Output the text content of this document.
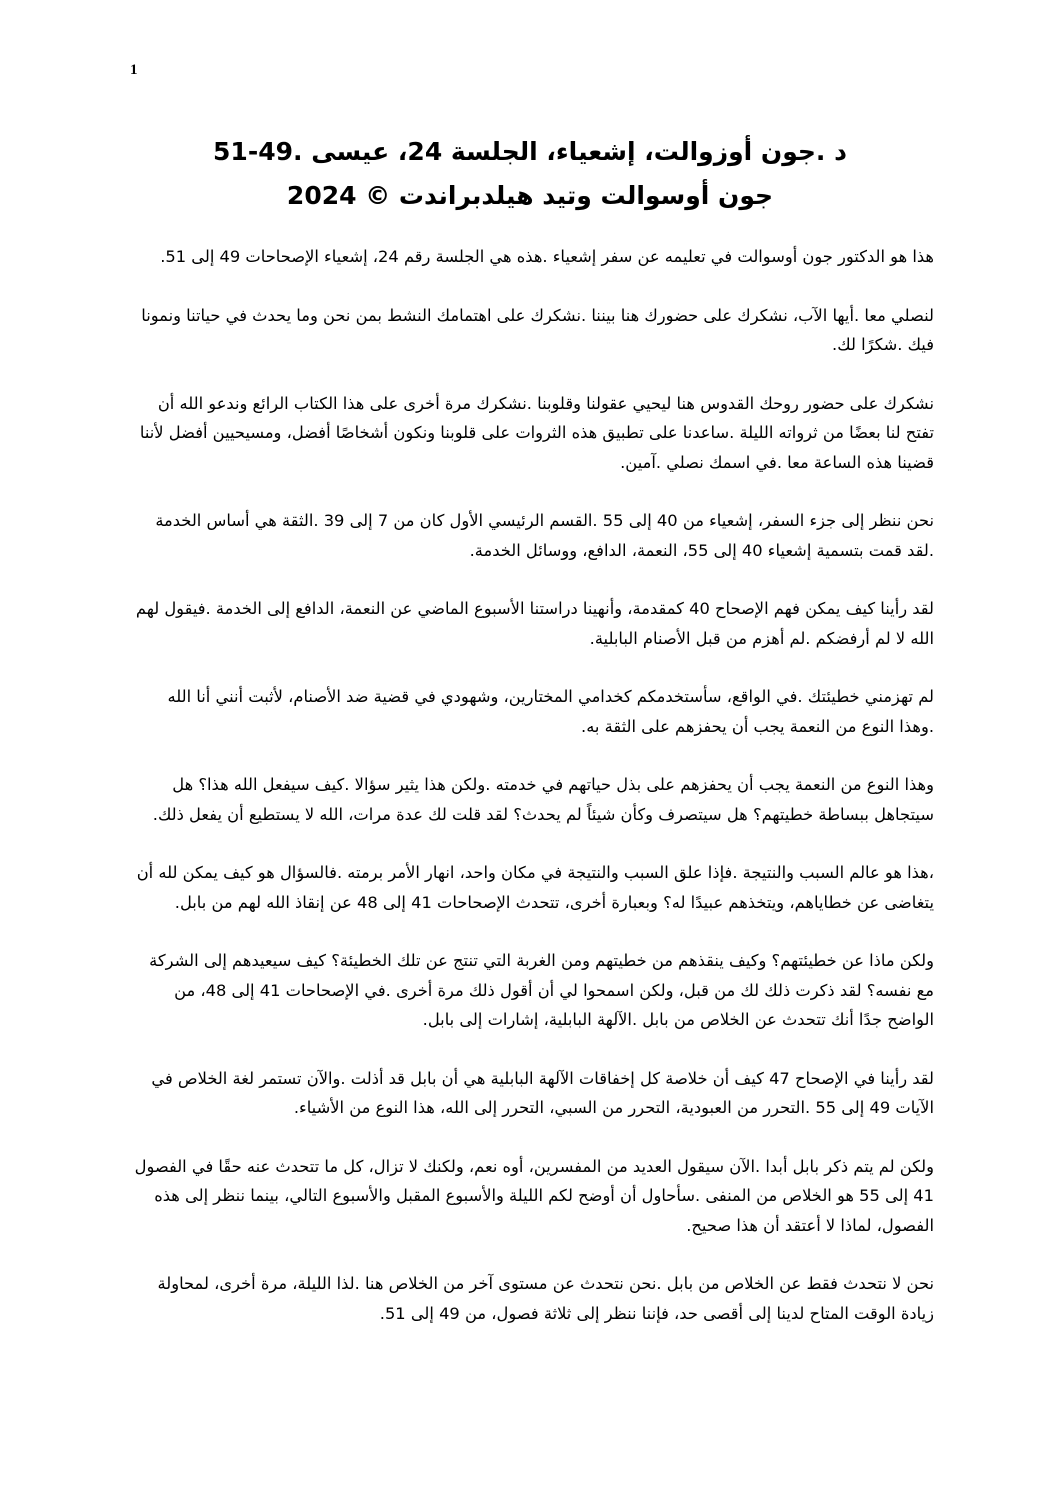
1

د .جون أوزوالت، إشعياء، الجلسة 24، عيسى .49-51

جون أوسوالت وتيد هيلدبراندت © 2024

هذا هو الدكتور جون أوسوالت في تعليمه عن سفر إشعياء .هذه هي الجلسة رقم 24، إشعياء الإصحاحات 49 إلى 51.

لنصلي معا .أيها الآب، نشكرك على حضورك هنا بيننا .نشكرك على اهتمامك النشط بمن نحن وما يحدث في حياتنا ونمونا فيك .شكرًا لك.

نشكرك على حضور روحك القدوس هنا ليحيي عقولنا وقلوبنا .نشكرك مرة أخرى على هذا الكتاب الرائع وندعو الله أن تفتح لنا بعضًا من ثرواته الليلة .ساعدنا على تطبيق هذه الثروات على قلوبنا ونكون أشخاصًا أفضل، ومسيحيين أفضل لأننا قضينا هذه الساعة معا .في اسمك نصلي .آمين.

نحن ننظر إلى جزء السفر، إشعياء من 40 إلى 55 .القسم الرئيسي الأول كان من 7 إلى 39 .الثقة هي أساس الخدمة .لقد قمت بتسمية إشعياء 40 إلى 55، النعمة، الدافع، ووسائل الخدمة.

لقد رأينا كيف يمكن فهم الإصحاح 40 كمقدمة، وأنهينا دراستنا الأسبوع الماضي عن النعمة، الدافع إلى الخدمة .فيقول لهم الله لا لم أرفضكم .لم أهزم من قبل الأصنام البابلية.

لم تهزمني خطيئتك .في الواقع، سأستخدمكم كخدامي المختارين، وشهودي في قضية ضد الأصنام، لأثبت أنني أنا الله .وهذا النوع من النعمة يجب أن يحفزهم على الثقة به.

وهذا النوع من النعمة يجب أن يحفزهم على بذل حياتهم في خدمته .ولكن هذا يثير سؤالا .كيف سيفعل الله هذا؟ هل سيتجاهل ببساطة خطيتهم؟ هل سيتصرف وكأن شيئاً لم يحدث؟ لقد قلت لك عدة مرات، الله لا يستطيع أن يفعل ذلك.

،هذا هو عالم السبب والنتيجة .فإذا علق السبب والنتيجة في مكان واحد، انهار الأمر برمته .فالسؤال هو كيف يمكن لله أن يتغاضى عن خطاياهم، ويتخذهم عبيدًا له؟ وبعبارة أخرى، تتحدث الإصحاحات 41 إلى 48 عن إنقاذ الله لهم من بابل.

ولكن ماذا عن خطيئتهم؟ وكيف ينقذهم من خطيتهم ومن الغربة التي تنتج عن تلك الخطيئة؟ كيف سيعيدهم إلى الشركة مع نفسه؟ لقد ذكرت ذلك لك من قبل، ولكن اسمحوا لي أن أقول ذلك مرة أخرى .في الإصحاحات 41 إلى 48، من الواضح جدًا أنك تتحدث عن الخلاص من بابل .الآلهة البابلية، إشارات إلى بابل.

لقد رأينا في الإصحاح 47 كيف أن خلاصة كل إخفاقات الآلهة البابلية هي أن بابل قد أذلت .والآن تستمر لغة الخلاص في الآيات 49 إلى 55 .التحرر من العبودية، التحرر من السبي، التحرر إلى الله، هذا النوع من الأشياء.

ولكن لم يتم ذكر بابل أبدا .الآن سيقول العديد من المفسرين، أوه نعم، ولكنك لا تزال، كل ما تتحدث عنه حقًا في الفصول 41 إلى 55 هو الخلاص من المنفى .سأحاول أن أوضح لكم الليلة والأسبوع المقبل والأسبوع التالي، بينما ننظر إلى هذه الفصول، لماذا لا أعتقد أن هذا صحيح.

نحن لا نتحدث فقط عن الخلاص من بابل .نحن نتحدث عن مستوى آخر من الخلاص هنا .لذا الليلة، مرة أخرى، لمحاولة زيادة الوقت المتاح لدينا إلى أقصى حد، فإننا ننظر إلى ثلاثة فصول، من 49 إلى 51.
